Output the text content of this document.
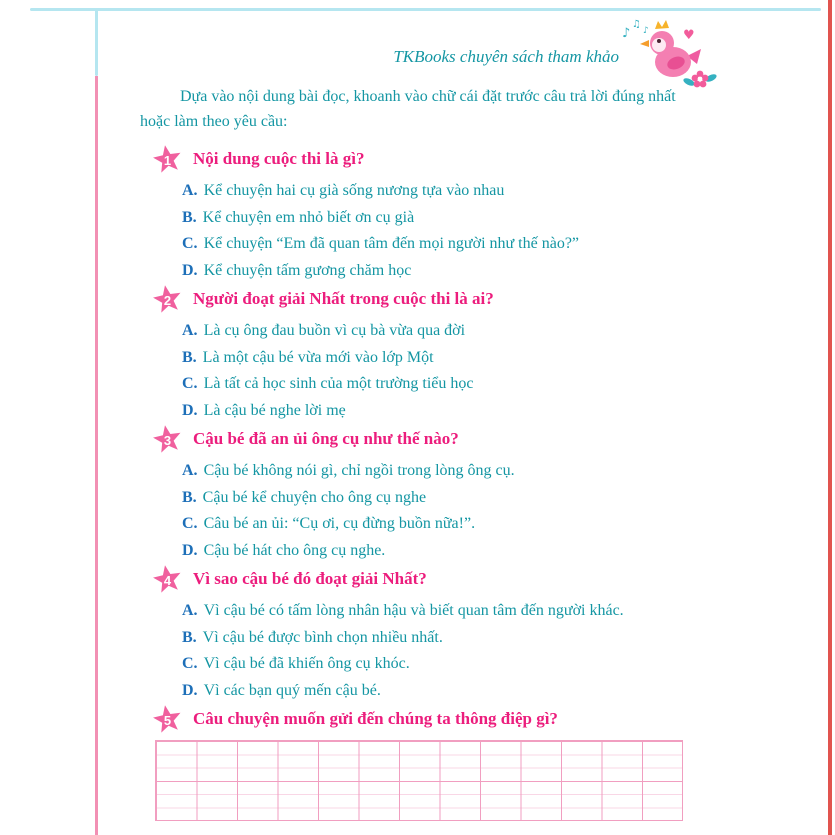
TKBooks chuyên sách tham khảo
♪
♫
♪	♥

Dựa vào nội dung bài đọc, khoanh vào chữ cái đặt trước câu trả lời đúng nhất hoặc làm theo yêu cầu:

1	Nội dung cuộc thi là gì?

A. Kể chuyện hai cụ già sống nương tựa vào nhau

B. Kể chuyện em nhỏ biết ơn cụ già

C. Kể chuyện “Em đã quan tâm đến mọi người như thế nào?”

D. Kể chuyện tấm gương chăm học

2	Người đoạt giải Nhất trong cuộc thi là ai?

A. Là cụ ông đau buồn vì cụ bà vừa qua đời

B. Là một cậu bé vừa mới vào lớp Một

C. Là tất cả học sinh của một trường tiểu học

D. Là cậu bé nghe lời mẹ

3	Cậu bé đã an ủi ông cụ như thế nào?

A. Cậu bé không nói gì, chỉ ngồi trong lòng ông cụ.

B. Cậu bé kể chuyện cho ông cụ nghe

C. Câu bé an ủi: “Cụ ơi, cụ đừng buồn nữa!”.

D. Cậu bé hát cho ông cụ nghe.

4	Vì sao cậu bé đó đoạt giải Nhất?

A. Vì cậu bé có tấm lòng nhân hậu và biết quan tâm đến người khác.

B. Vì cậu bé được bình chọn nhiều nhất.

C. Vì cậu bé đã khiến ông cụ khóc.

D. Vì các bạn quý mến cậu bé.

5	Câu chuyện muốn gửi đến chúng ta thông điệp gì?
